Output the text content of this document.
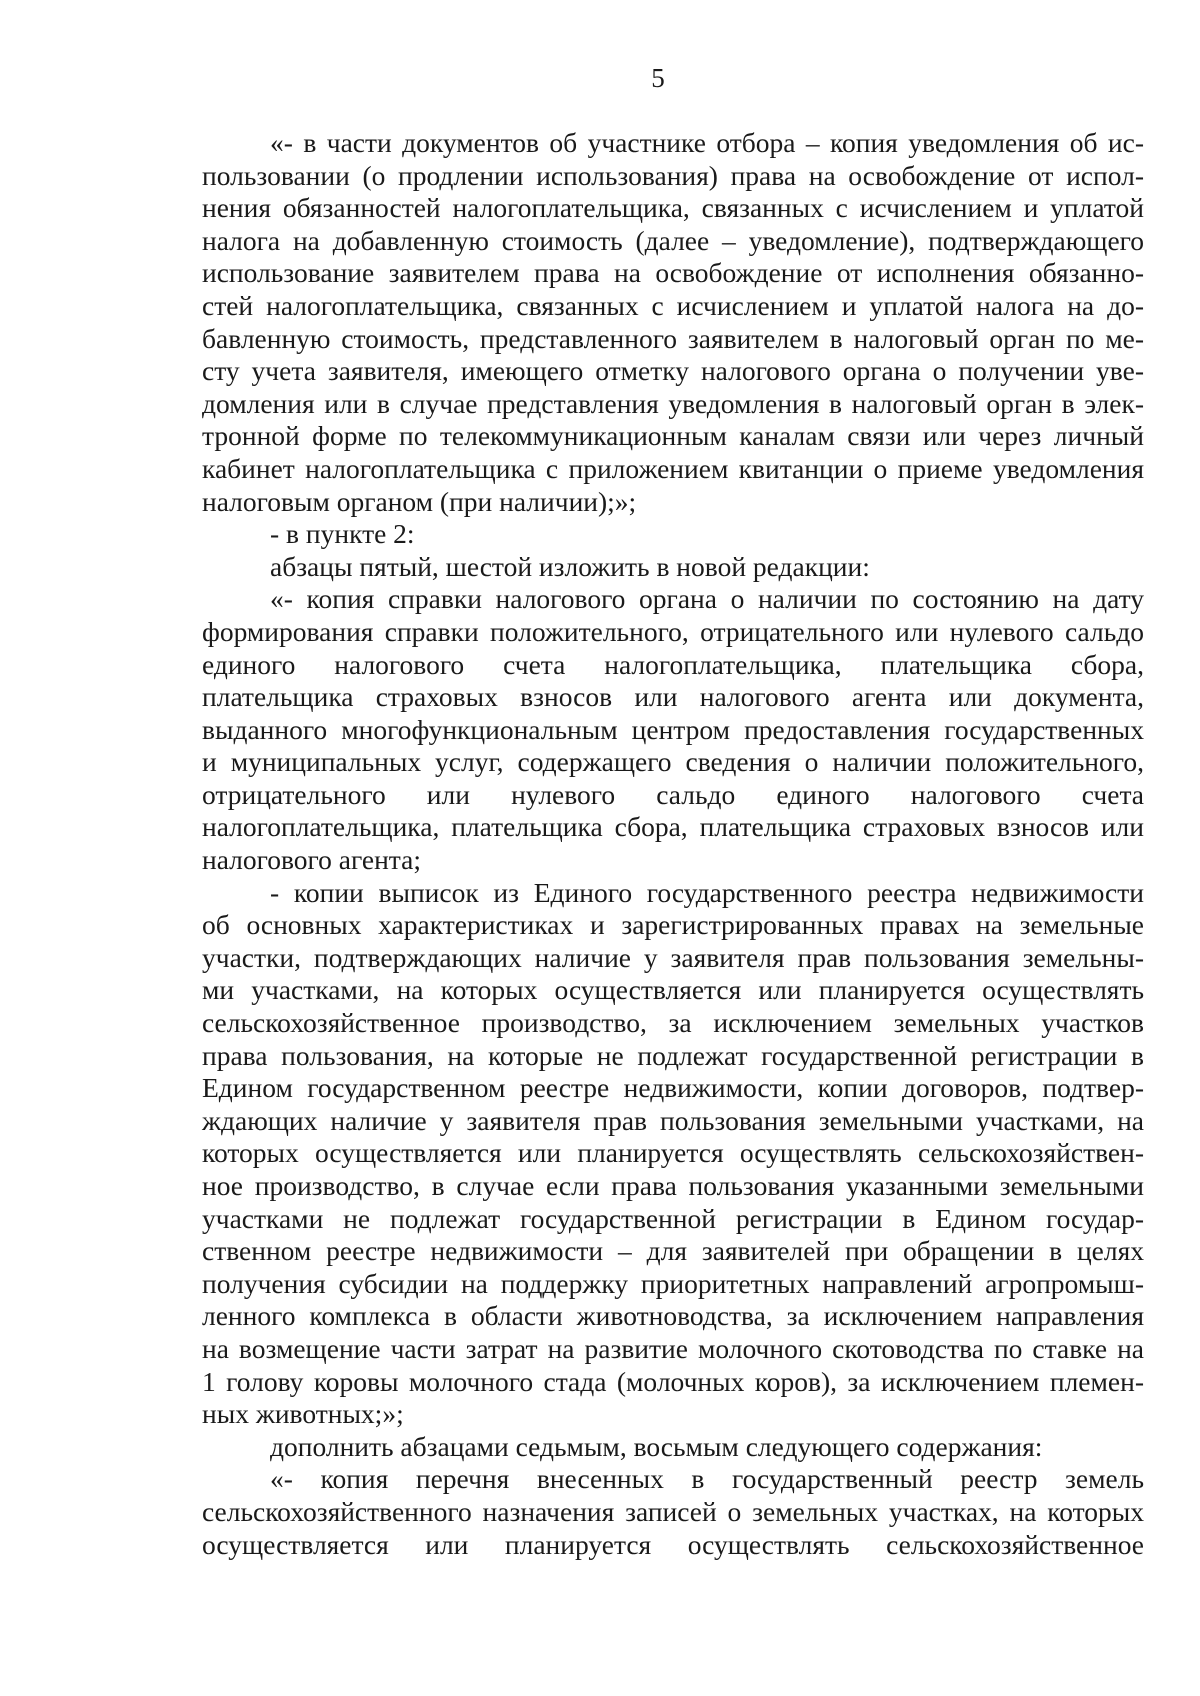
5
«- в части документов об участнике отбора – копия уведомления об ис-
пользовании (о продлении использования) права на освобождение от испол-
нения обязанностей налогоплательщика, связанных с исчислением и уплатой
налога на добавленную стоимость (далее – уведомление), подтверждающего
использование заявителем права на освобождение от исполнения обязанно-
стей налогоплательщика, связанных с исчислением и уплатой налога на до-
бавленную стоимость, представленного заявителем в налоговый орган по ме-
сту учета заявителя, имеющего отметку налогового органа о получении уве-
домления или в случае представления уведомления в налоговый орган в элек-
тронной форме по телекоммуникационным каналам связи или через личный
кабинет налогоплательщика с приложением квитанции о приеме уведомления
налоговым органом (при наличии);»;
- в пункте 2:
абзацы пятый, шестой изложить в новой редакции:
«- копия справки налогового органа о наличии по состоянию на дату
формирования справки положительного, отрицательного или нулевого сальдо
единого налогового счета налогоплательщика, плательщика сбора,
плательщика страховых взносов или налогового агента или документа,
выданного многофункциональным центром предоставления государственных
и муниципальных услуг, содержащего сведения о наличии положительного,
отрицательного или нулевого сальдо единого налогового счета
налогоплательщика, плательщика сбора, плательщика страховых взносов или
налогового агента;
- копии выписок из Единого государственного реестра недвижимости
об основных характеристиках и зарегистрированных правах на земельные
участки, подтверждающих наличие у заявителя прав пользования земельны-
ми участками, на которых осуществляется или планируется осуществлять
сельскохозяйственное производство, за исключением земельных участков
права пользования, на которые не подлежат государственной регистрации в
Едином государственном реестре недвижимости, копии договоров, подтвер-
ждающих наличие у заявителя прав пользования земельными участками, на
которых осуществляется или планируется осуществлять сельскохозяйствен-
ное производство, в случае если права пользования указанными земельными
участками не подлежат государственной регистрации в Едином государ-
ственном реестре недвижимости – для заявителей при обращении в целях
получения субсидии на поддержку приоритетных направлений агропромыш-
ленного комплекса в области животноводства, за исключением направления
на возмещение части затрат на развитие молочного скотоводства по ставке на
1 голову коровы молочного стада (молочных коров), за исключением племен-
ных животных;»;
дополнить абзацами седьмым, восьмым следующего содержания:
«- копия перечня внесенных в государственный реестр земель
сельскохозяйственного назначения записей о земельных участках, на которых
осуществляется или планируется осуществлять сельскохозяйственное
